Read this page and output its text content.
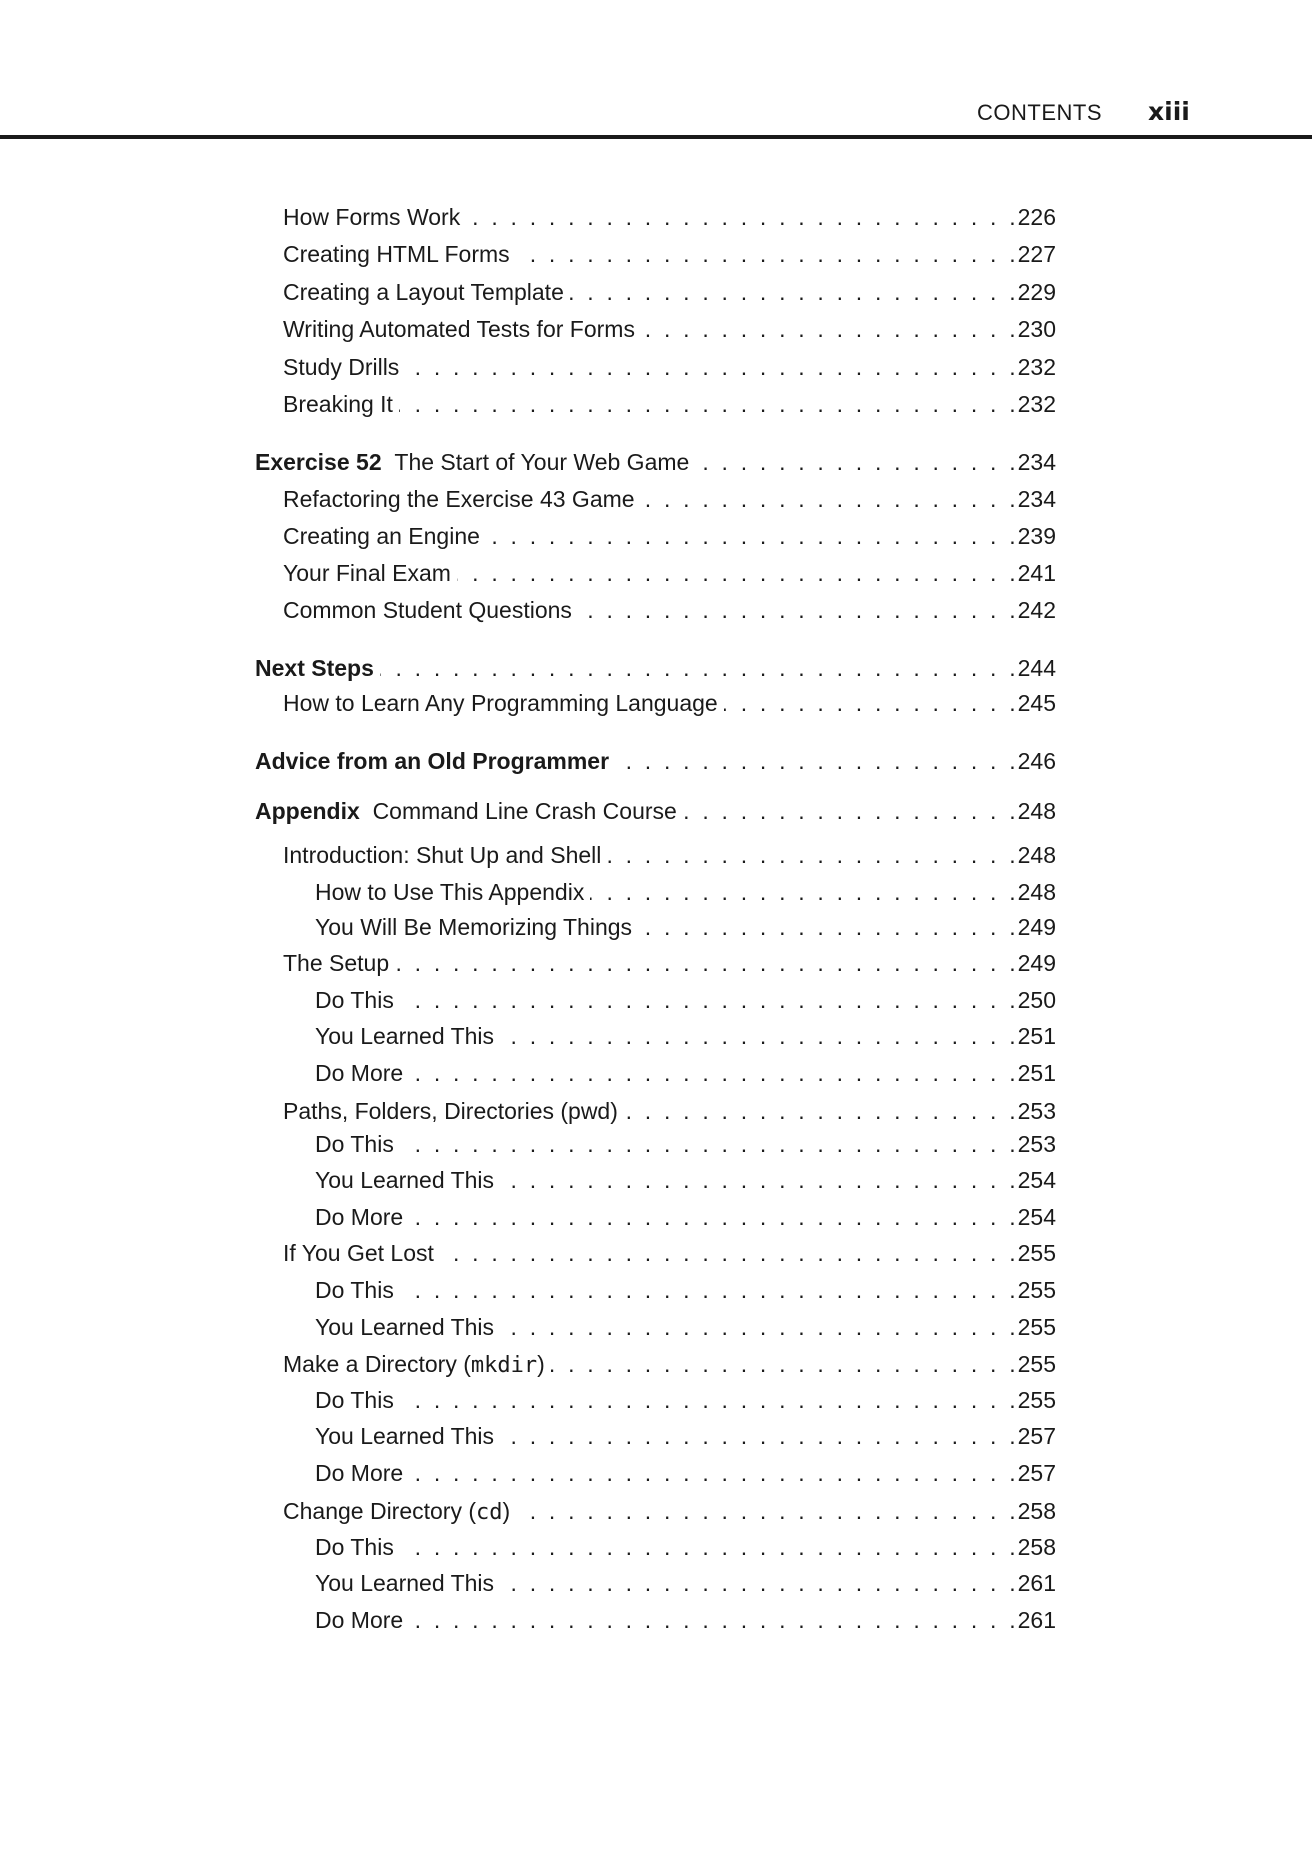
CONTENTS xiii
How Forms Work . . .	226
Creating HTML Forms . . .	227
Creating a Layout Template . . .	229
Writing Automated Tests for Forms . . .	230
Study Drills . . .	232
Breaking It . . .	232
Exercise 52 The Start of Your Web Game . . .	234
Refactoring the Exercise 43 Game . . .	234
Creating an Engine . . .	239
Your Final Exam . . .	241
Common Student Questions . . .	242
Next Steps . . .	244
How to Learn Any Programming Language . . .	245
Advice from an Old Programmer . . .	246
Appendix Command Line Crash Course . . .	248
Introduction: Shut Up and Shell . . .	248
How to Use This Appendix . . .	248
You Will Be Memorizing Things . . .	249
The Setup . . .	249
Do This . . .	250
You Learned This . . .	251
Do More . . .	251
Paths, Folders, Directories (pwd) . . .	253
Do This . . .	253
You Learned This . . .	254
Do More . . .	254
If You Get Lost . . .	255
Do This . . .	255
You Learned This . . .	255
Make a Directory (mkdir) . . .	255
Do This . . .	255
You Learned This . . .	257
Do More . . .	257
Change Directory (cd) . . .	258
Do This . . .	258
You Learned This . . .	261
Do More . . .	261
